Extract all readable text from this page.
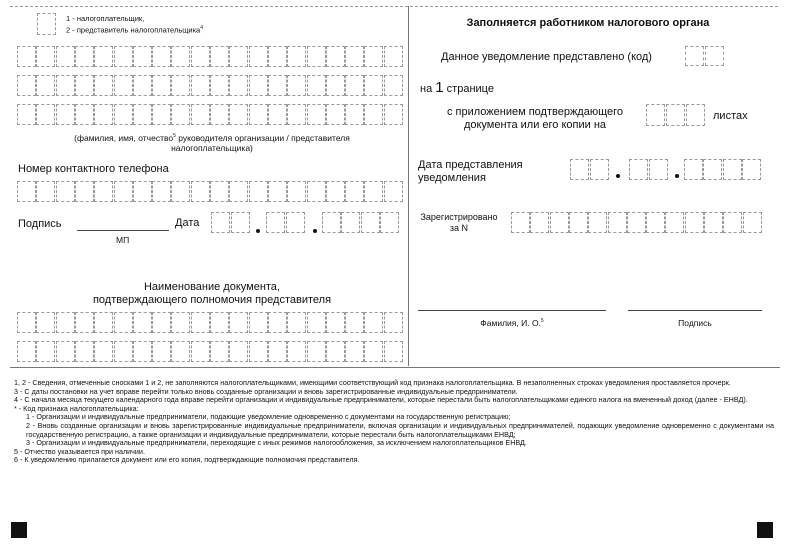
1 - налогоплательщик,
2 - представитель налогоплательщика$^4$
(фамилия, имя, отчество$^5$ руководителя организации / представителя
налогоплательщика)
Номер контактного телефона
Подпись
МП
Дата
Наименование документа,
подтверждающего полномочия представителя
Заполняется работником налогового органа
Данное уведомление представлено (код)
на 1 странице
с приложением подтверждающего
документа или его копии на
листах
Дата представления
уведомления
Зарегистрировано
за N
Фамилия, И. О.$^5$	Подпись

1, 2 - Сведения, отмеченные сносками 1 и 2, не заполняются налогоплательщиками, имеющими соответствующий код признака налогоплательщика. В незаполненных строках уведомления проставляется прочерк.

3 - С даты постановки на учет вправе перейти только вновь созданные организации и вновь зарегистрированные индивидуальные предприниматели.

4 - С начала месяца текущего календарного года вправе перейти организации и индивидуальные предприниматели, которые перестали быть налогоплательщиками единого налога на вмененный доход (далее - ЕНВД).

* - Код признака налогоплательщика:

1 - Организации и индивидуальные предприниматели, подающие уведомление одновременно с документами на государственную регистрацию;

2 - Вновь созданные организации и вновь зарегистрированные индивидуальные предприниматели, включая организации и индивидуальных предпринимателей, подающих уведомление одновременно с документами на государственную регистрацию, а также организации и индивидуальные предприниматели, которые перестали быть налогоплательщиками ЕНВД;

3 - Организации и индивидуальные предприниматели, переходящие с иных режимов налогообложения, за исключением налогоплательщиков ЕНВД.

5 - Отчество указывается при наличии.

6 - К уведомлению прилагается документ или его копия, подтверждающие полномочия представителя.
